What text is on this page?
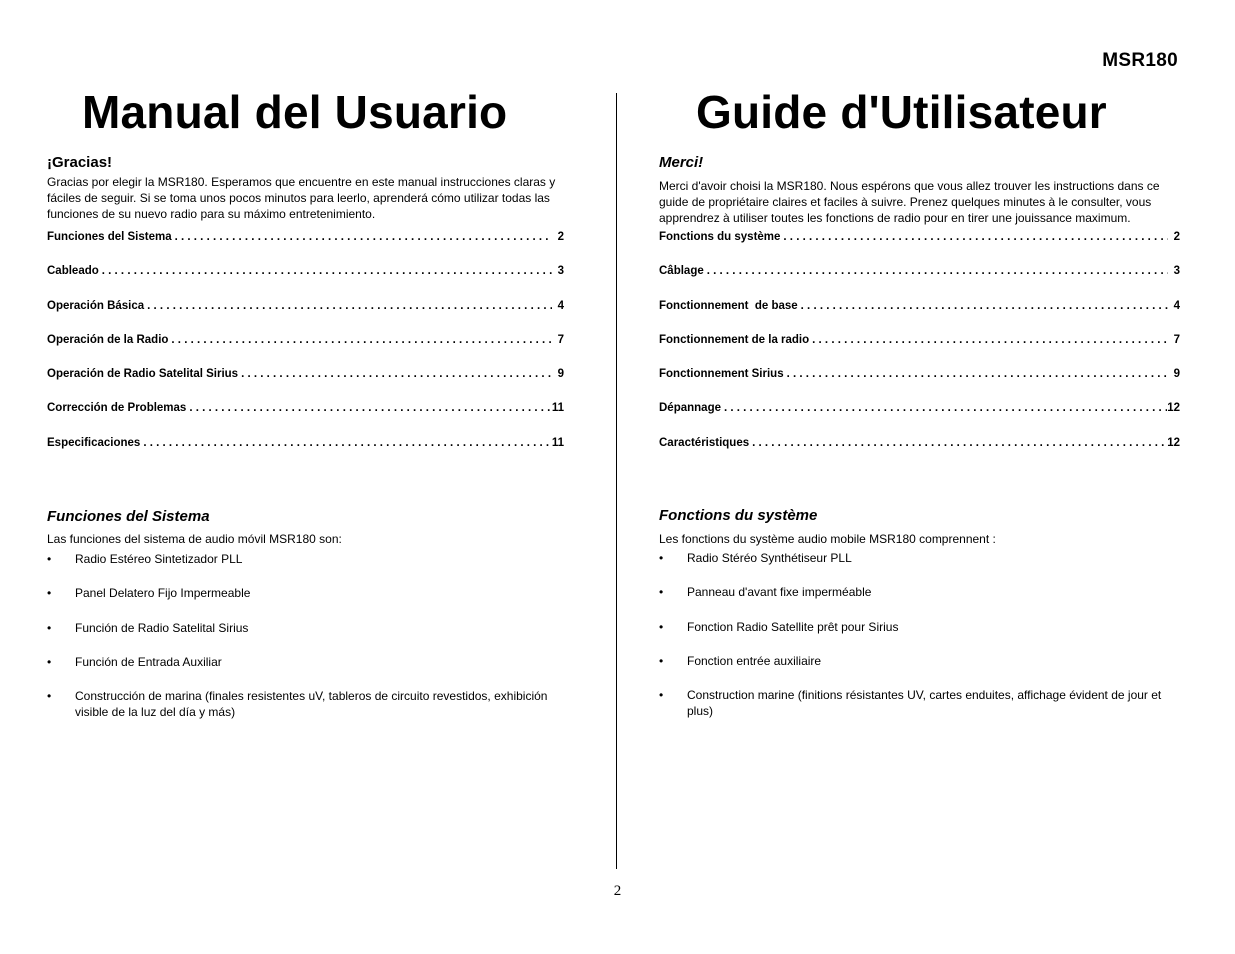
MSR180
Manual del Usuario
¡Gracias!
Gracias por elegir la MSR180. Esperamos que encuentre en este manual instrucciones claras y fáciles de seguir. Si se toma unos pocos minutos para leerlo, aprenderá cómo utilizar todas las funciones de su nuevo radio para su máximo entretenimiento.
Funciones del Sistema . . .	2
Cableado . . .	3
Operación Básica . . .	4
Operación de la Radio . . .	7
Operación de Radio Satelital Sirius . . .	9
Corrección de Problemas . . .	11
Especificaciones . . .	11
Funciones del Sistema
Las funciones del sistema de audio móvil MSR180 son:
• Radio Estéreo Sintetizador PLL
• Panel Delatero Fijo Impermeable
• Función de Radio Satelital Sirius
• Función de Entrada Auxiliar
• Construcción de marina (finales resistentes uV, tableros de circuito revestidos, exhibición visible de la luz del día y más)
Guide d'Utilisateur
Merci!
Merci d'avoir choisi la MSR180. Nous espérons que vous allez trouver les instructions dans ce guide de propriétaire claires et faciles à suivre. Prenez quelques minutes à le consulter, vous apprendrez à utiliser toutes les fonctions de radio pour en tirer une jouissance maximum.
Fonctions du système . . .	2
Câblage . . .	3
Fonctionnement  de base . . .	4
Fonctionnement de la radio . . .	7
Fonctionnement Sirius . . .	9
Dépannage . . .	12
Caractéristiques . . .	12
Fonctions du système
Les fonctions du système audio mobile MSR180 comprennent :
• Radio Stéréo Synthétiseur PLL
• Panneau d'avant fixe imperméable
• Fonction Radio Satellite prêt pour Sirius
• Fonction entrée auxiliaire
• Construction marine (finitions résistantes UV, cartes enduites, affichage évident de jour et plus)
2
